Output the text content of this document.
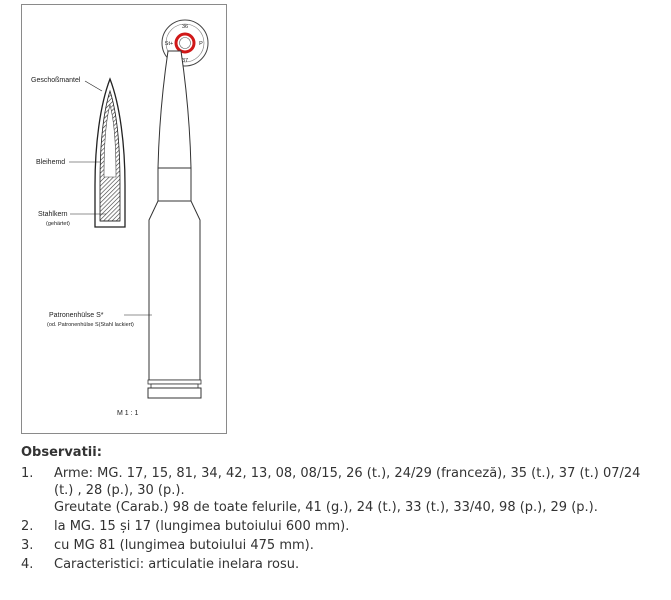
36
37
St+	P
Geschoßmantel
Bleihemd
Stahlkern
(gehärtet)
Patronenhülse S*
(od. Patronenhülse S(Stahl lackiert)
M 1 : 1

Observatii:

1.	Arme: MG. 17, 15, 81, 34, 42, 13, 08, 08/15, 26 (t.), 24/29 (franceză), 35 (t.), 37 (t.) 07/24 (t.) , 28 (p.), 30 (p.).
Greutate (Carab.) 98 de toate felurile, 41 (g.), 24 (t.), 33 (t.), 33/40, 98 (p.), 29 (p.).
2.	la MG. 15 și 17 (lungimea butoiului 600 mm).
3.	cu MG 81 (lungimea butoiului 475 mm).
4.	Caracteristici: articulatie inelara rosu.
